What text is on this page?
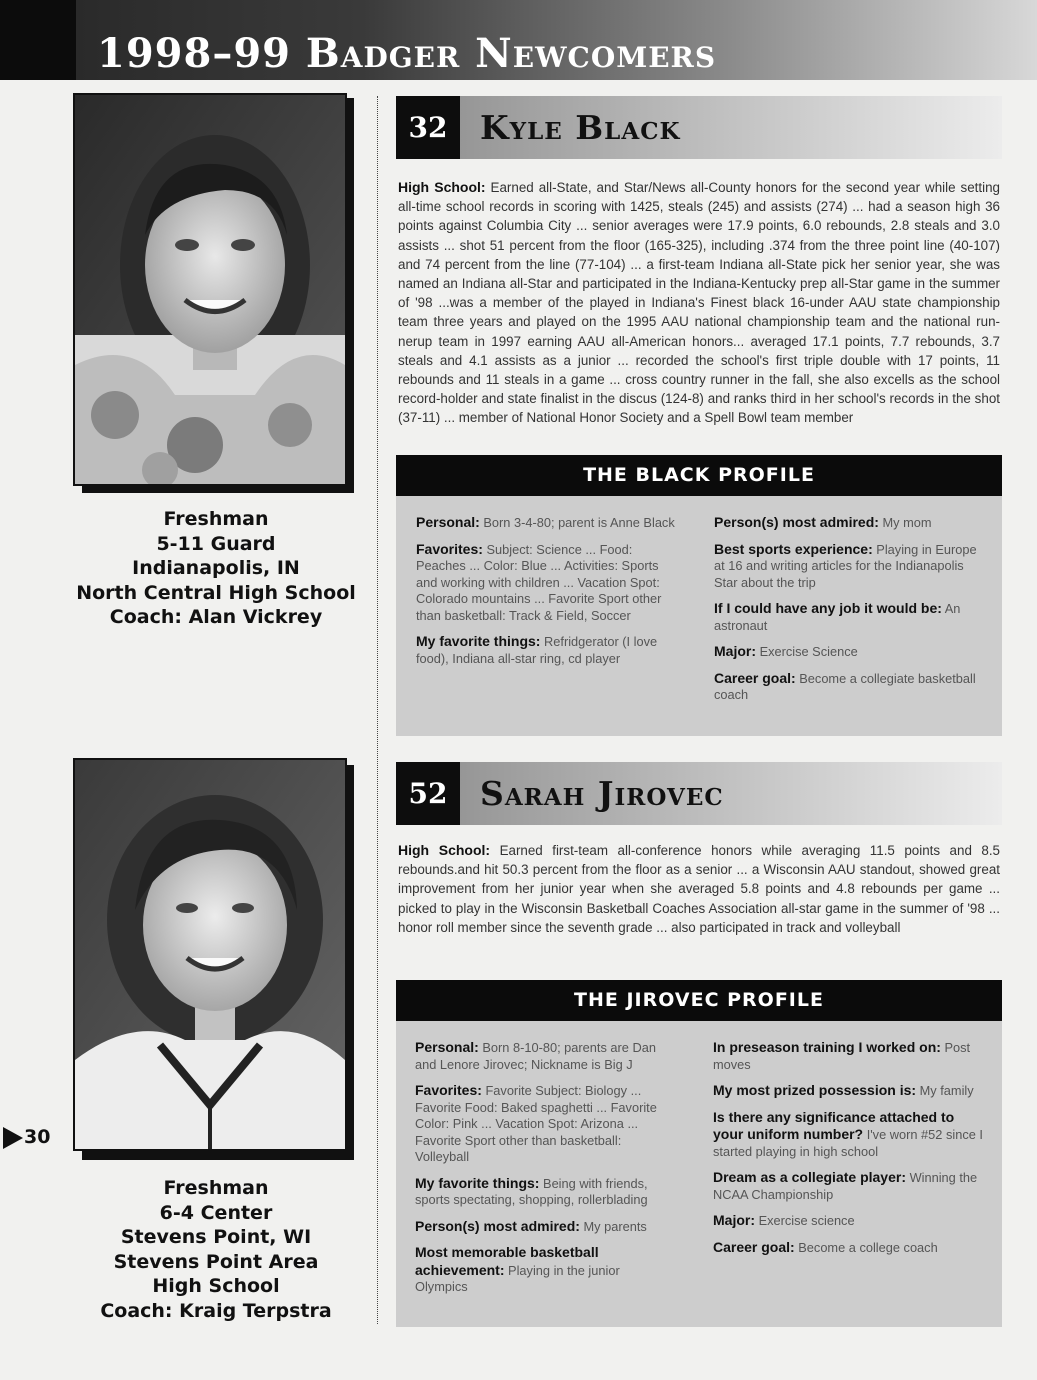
1998–99 Badger Newcomers
Freshman
5-11 Guard
Indianapolis, IN
North Central High School
Coach: Alan Vickrey
Freshman
6-4 Center
Stevens Point, WI
Stevens Point Area
High School
Coach: Kraig Terpstra
30
32 Kyle Black
High School: Earned all-State, and Star/News all-County honors for the second year while setting all-time school records in scoring with 1425, steals (245) and assists (274) ... had a season high 36 points against Columbia City ... senior averages were 17.9 points, 6.0 rebounds, 2.8 steals and 3.0 assists ... shot 51 percent from the floor (165-325), including .374 from the three point line (40-107) and 74 percent from the line (77-104) ... a first-team Indiana all-State pick her senior year, she was named an Indiana all-Star and participated in the Indiana-Kentucky prep all-Star game in the summer of '98 ...was a member of the played in Indiana's Finest black 16-under AAU state championship team three years and played on the 1995 AAU national championship team and the national run-nerup team in 1997 earning AAU all-American honors... averaged 17.1 points, 7.7 rebounds, 3.7 steals and 4.1 assists as a junior ... recorded the school's first triple double with 17 points, 11 rebounds and 11 steals in a game ... cross country runner in the fall, she also excells as the school record-holder and state finalist in the discus (124-8) and ranks third in her school's records in the shot (37-11) ... member of National Honor Society and a Spell Bowl team member
THE BLACK PROFILE
Personal: Born 3-4-80; parent is Anne Black
Favorites: Subject: Science ... Food: Peaches ... Color: Blue ... Activities: Sports and working with children ... Vacation Spot: Colorado mountains ... Favorite Sport other than basketball: Track & Field, Soccer
My favorite things: Refridgerator (I love food), Indiana all-star ring, cd player
Person(s) most admired: My mom
Best sports experience: Playing in Europe at 16 and writing articles for the Indianapolis Star about the trip
If I could have any job it would be: An astronaut
Major: Exercise Science
Career goal: Become a collegiate basketball coach
52 Sarah Jirovec
High School: Earned first-team all-conference honors while averaging 11.5 points and 8.5 rebounds.and hit 50.3 percent from the floor as a senior ... a Wisconsin AAU standout, showed great improvement from her junior year when she averaged 5.8 points and 4.8 rebounds per game ... picked to play in the Wisconsin Basketball Coaches Association all-star game in the summer of '98 ... honor roll member since the seventh grade ... also participated in track and volleyball
THE JIROVEC PROFILE
Personal: Born 8-10-80; parents are Dan and Lenore Jirovec; Nickname is Big J
Favorites: Favorite Subject: Biology ... Favorite Food: Baked spaghetti ... Favorite Color: Pink ... Vacation Spot: Arizona ... Favorite Sport other than basketball: Volleyball
My favorite things: Being with friends, sports spectating, shopping, rollerblading
Person(s) most admired: My parents
Most memorable basketball achievement: Playing in the junior Olympics
In preseason training I worked on: Post moves
My most prized possession is: My family
Is there any significance attached to your uniform number? I've worn #52 since I started playing in high school
Dream as a collegiate player: Winning the NCAA Championship
Major: Exercise science
Career goal: Become a college coach
